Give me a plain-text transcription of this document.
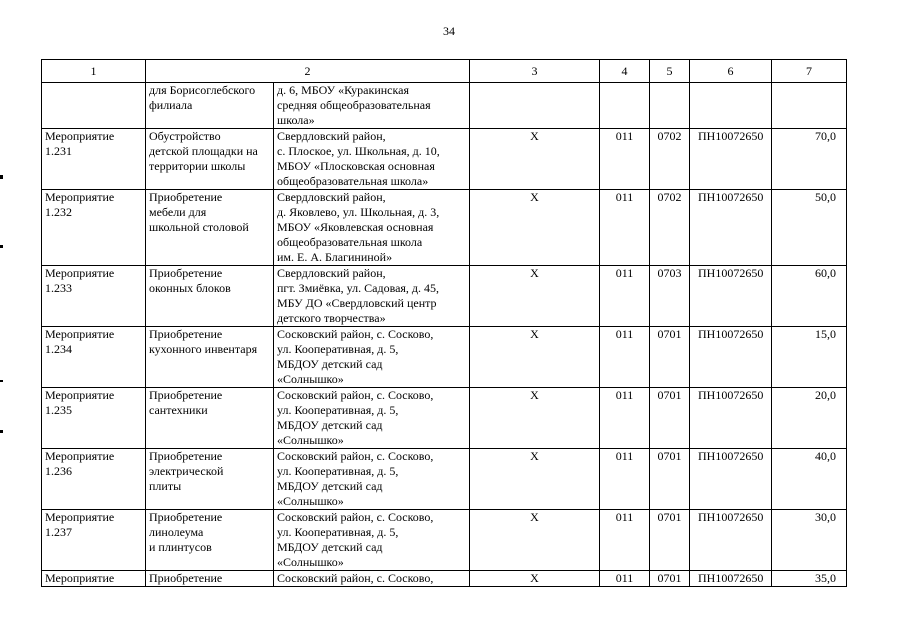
34
1	2		3	4	5	6	7
	для Борисоглебского
филиала	д. 6, МБОУ «Куракинская
средняя общеобразовательная
школа»					
Мероприятие
1.231	Обустройство
детской площадки на
территории школы	Свердловский район,
с. Плоское, ул. Школьная, д. 10,
МБОУ «Плосковская основная
общеобразовательная школа»	X	011	0702	ПН10072650	70,0
Мероприятие
1.232	Приобретение
мебели для
школьной столовой	Свердловский район,
д. Яковлево, ул. Школьная, д. 3,
МБОУ «Яковлевская основная
общеобразовательная школа
им. Е. А. Благининой»	X	011	0702	ПН10072650	50,0
Мероприятие
1.233	Приобретение
оконных блоков	Свердловский район,
пгт. Змиёвка, ул. Садовая, д. 45,
МБУ ДО «Свердловский центр
детского творчества»	X	011	0703	ПН10072650	60,0
Мероприятие
1.234	Приобретение
кухонного инвентаря	Сосковский район, с. Сосково,
ул. Кооперативная, д. 5,
МБДОУ детский сад
«Солнышко»	X	011	0701	ПН10072650	15,0
Мероприятие
1.235	Приобретение
сантехники	Сосковский район, с. Сосково,
ул. Кооперативная, д. 5,
МБДОУ детский сад
«Солнышко»	X	011	0701	ПН10072650	20,0
Мероприятие
1.236	Приобретение
электрической
плиты	Сосковский район, с. Сосково,
ул. Кооперативная, д. 5,
МБДОУ детский сад
«Солнышко»	X	011	0701	ПН10072650	40,0
Мероприятие
1.237	Приобретение
линолеума
и плинтусов	Сосковский район, с. Сосково,
ул. Кооперативная, д. 5,
МБДОУ детский сад
«Солнышко»	X	011	0701	ПН10072650	30,0
Мероприятие	Приобретение	Сосковский район, с. Сосково,	X	011	0701	ПН10072650	35,0
